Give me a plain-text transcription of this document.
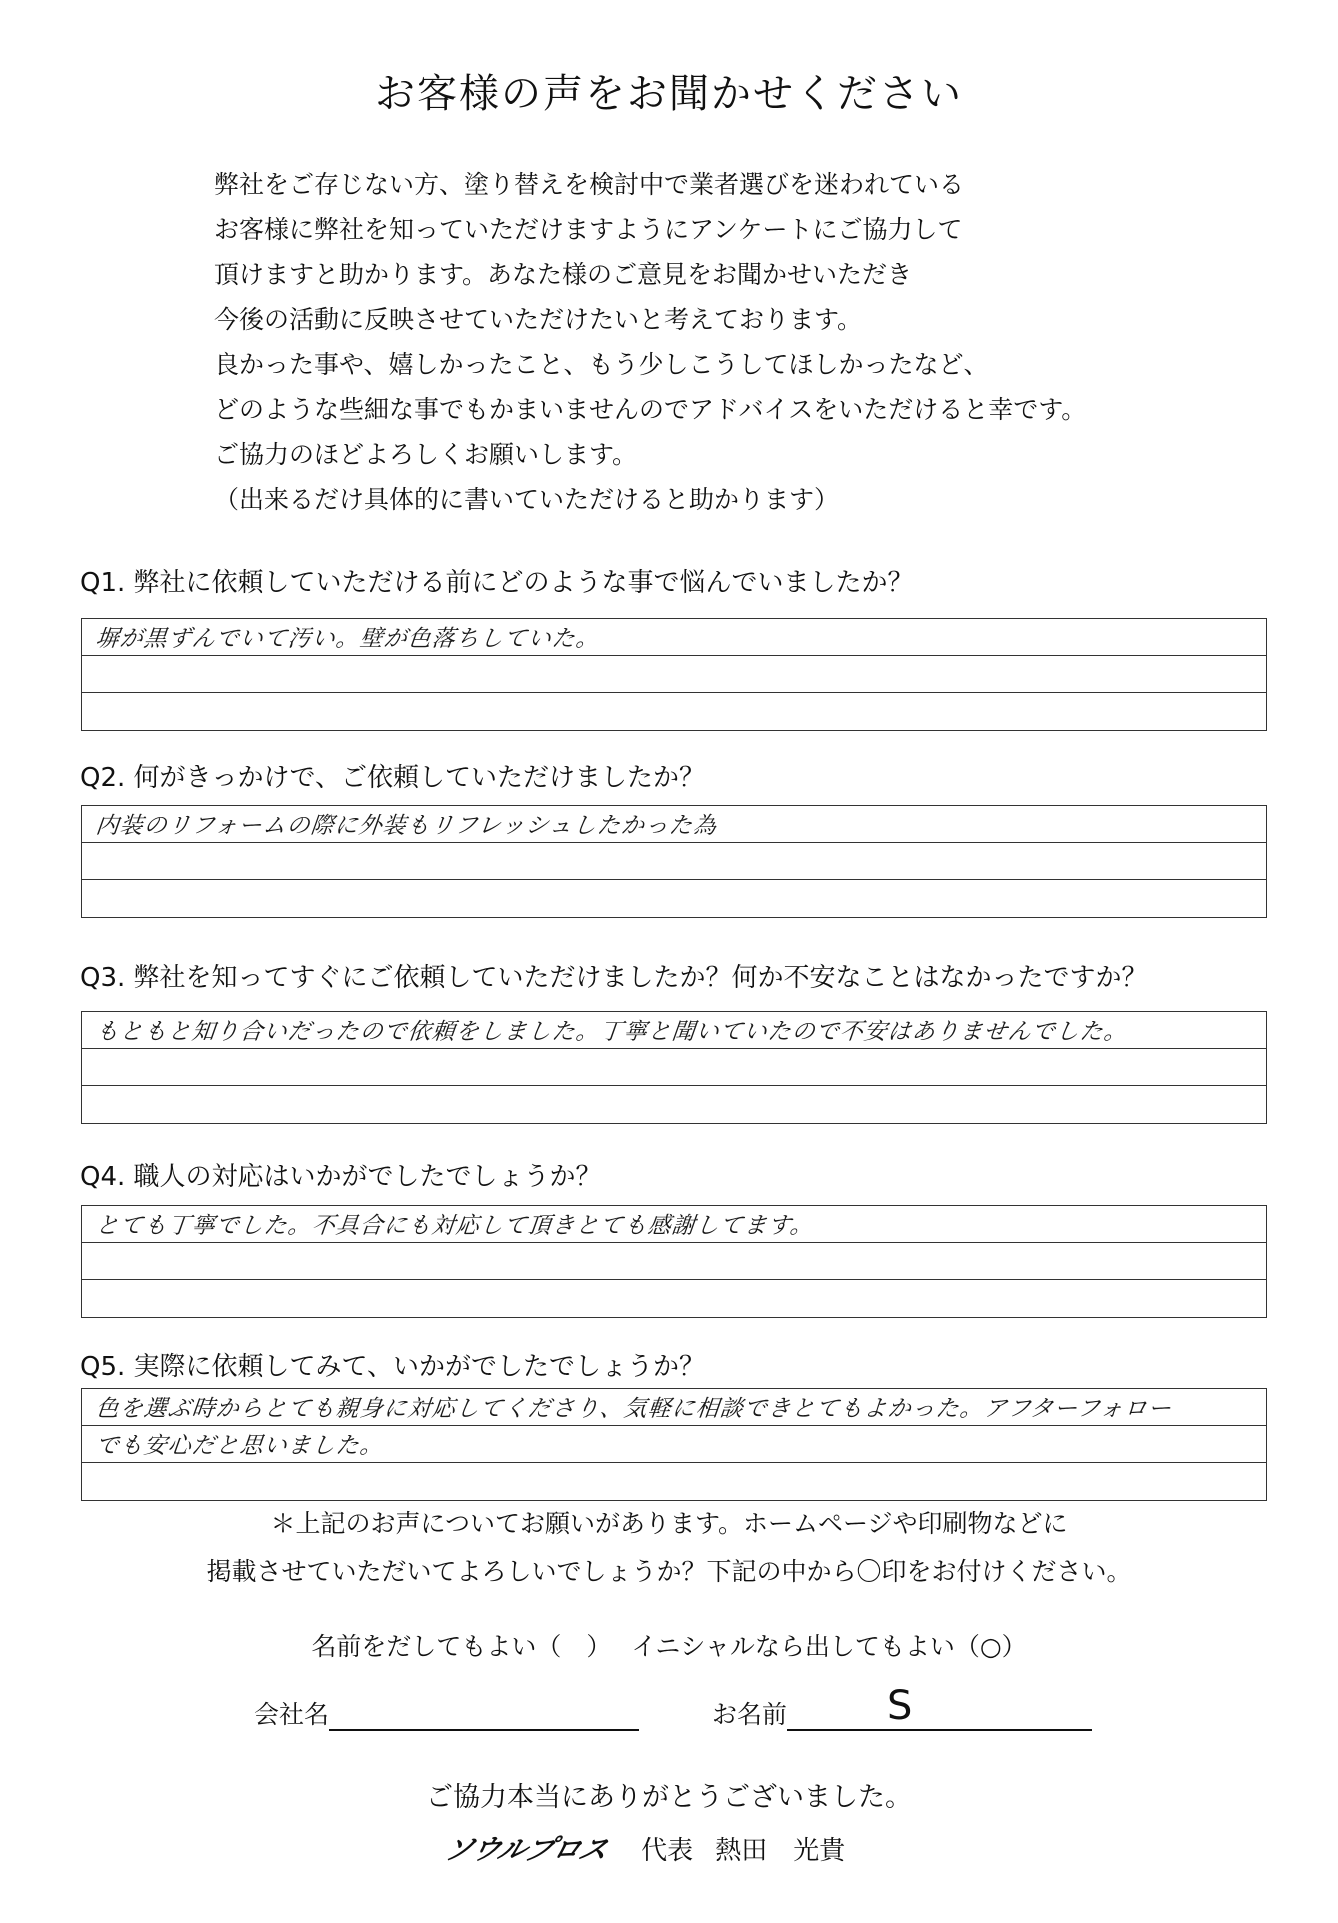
お客様の声をお聞かせください
弊社をご存じない方、塗り替えを検討中で業者選びを迷われている
お客様に弊社を知っていただけますようにアンケートにご協力して
頂けますと助かります。あなた様のご意見をお聞かせいただき
今後の活動に反映させていただけたいと考えております。
良かった事や、嬉しかったこと、もう少しこうしてほしかったなど、
どのような些細な事でもかまいませんのでアドバイスをいただけると幸です。
ご協力のほどよろしくお願いします。
（出来るだけ具体的に書いていただけると助かります）
Q1. 弊社に依頼していただける前にどのような事で悩んでいましたか？
塀が黒ずんでいて汚い。壁が色落ちしていた。
Q2. 何がきっかけで、ご依頼していただけましたか？
内装のリフォームの際に外装もリフレッシュしたかった為
Q3. 弊社を知ってすぐにご依頼していただけましたか？何か不安なことはなかったですか？
もともと知り合いだったので依頼をしました。丁寧と聞いていたので不安はありませんでした。
Q4. 職人の対応はいかがでしたでしょうか？
とても丁寧でした。不具合にも対応して頂きとても感謝してます。
Q5. 実際に依頼してみて、いかがでしたでしょうか？
色を選ぶ時からとても親身に対応してくださり、気軽に相談できとてもよかった。アフターフォロー
でも安心だと思いました。
＊上記のお声についてお願いがあります。ホームページや印刷物などに
掲載させていただいてよろしいでしょうか？下記の中から〇印をお付けください。
名前をだしてもよい（　） イニシャルなら出してもよい（○）
会社名	お名前	S
ご協力本当にありがとうございました。
ソウルプロス 代表 熱田　光貴
